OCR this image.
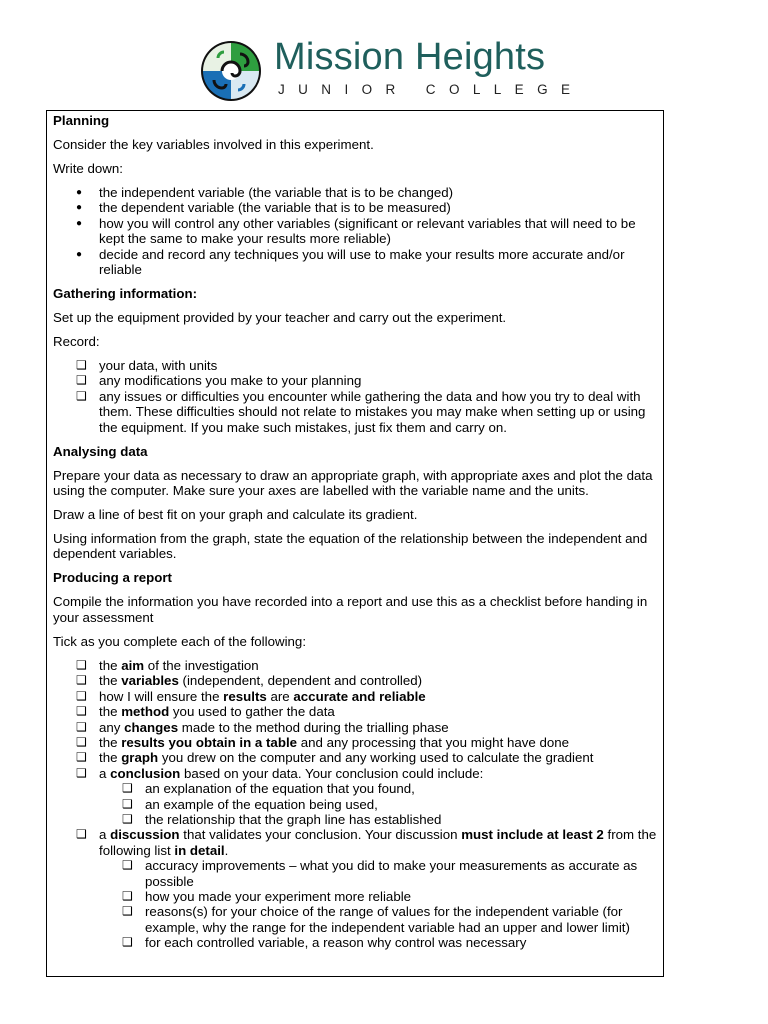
Mission Heights
JUNIOR COLLEGE
Planning

Consider the key variables involved in this experiment.

Write down:

● the independent variable (the variable that is to be changed)
● the dependent variable (the variable that is to be measured)
● how you will control any other variables (significant or relevant variables that will need to be kept the same to make your results more reliable)
● decide and record any techniques you will use to make your results more accurate and/or reliable
Gathering information:

Set up the equipment provided by your teacher and carry out the experiment.

Record:

❑ your data, with units
❑ any modifications you make to your planning
❑ any issues or difficulties you encounter while gathering the data and how you try to deal with them. These difficulties should not relate to mistakes you may make when setting up or using the equipment. If you make such mistakes, just fix them and carry on.
Analysing data

Prepare your data as necessary to draw an appropriate graph, with appropriate axes and plot the data using the computer. Make sure your axes are labelled with the variable name and the units.

Draw a line of best fit on your graph and calculate its gradient.

Using information from the graph, state the equation of the relationship between the independent and dependent variables.

Producing a report

Compile the information you have recorded into a report and use this as a checklist before handing in your assessment

Tick as you complete each of the following:

❑ the aim of the investigation
❑ the variables (independent, dependent and controlled)
❑ how I will ensure the results are accurate and reliable
❑ the method you used to gather the data
❑ any changes made to the method during the trialling phase
❑ the results you obtain in a table and any processing that you might have done
❑ the graph you drew on the computer and any working used to calculate the gradient
❑ a conclusion based on your data. Your conclusion could include:
❑ an explanation of the equation that you found,
❑ an example of the equation being used,
❑ the relationship that the graph line has established
❑ a discussion that validates your conclusion. Your discussion must include at least 2 from the following list in detail.
❑ accuracy improvements – what you did to make your measurements as accurate as possible
❑ how you made your experiment more reliable
❑ reasons(s) for your choice of the range of values for the independent variable (for example, why the range for the independent variable had an upper and lower limit)
❑ for each controlled variable, a reason why control was necessary
